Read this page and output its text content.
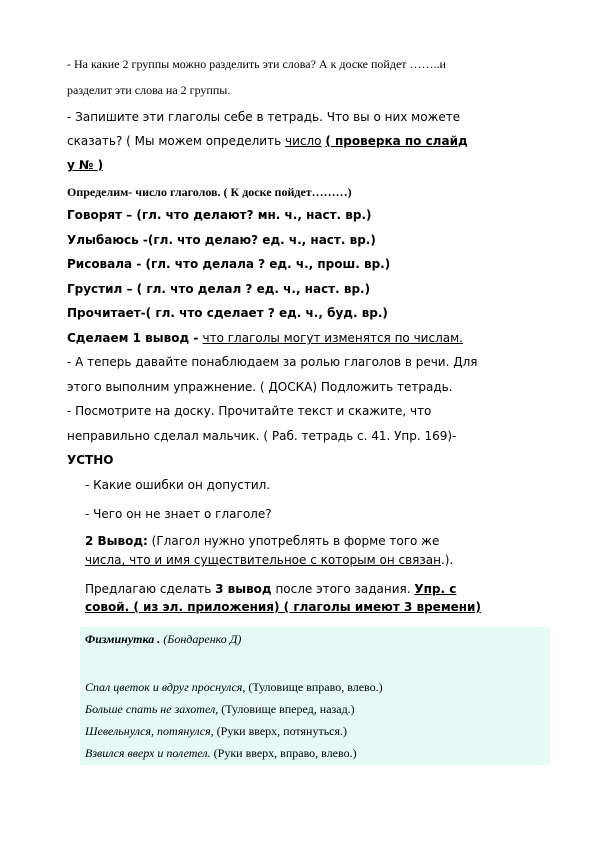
- На какие 2 группы можно разделить эти слова? А к доске пойдет ……..и
разделит эти слова на 2 группы.
- Запишите эти глаголы себе в тетрадь. Что вы о них можете
сказать? ( Мы можем определить число ( проверка по слайд
у № )
Определим- число глаголов. ( К доске пойдет………)
Говорят – (гл. что делают? мн. ч., наст. вр.)
Улыбаюсь -(гл. что делаю? ед. ч., наст. вр.)
Рисовала - (гл. что делала ? ед. ч., прош. вр.)
Грустил – ( гл. что делал ? ед. ч., наст. вр.)
Прочитает-( гл. что сделает ? ед. ч., буд. вр.)
Сделаем 1 вывод - что глаголы могут изменятся по числам.
- А теперь давайте понаблюдаем за ролью глаголов в речи. Для
этого выполним упражнение. ( ДОСКА) Подложить тетрадь.
- Посмотрите на доску. Прочитайте текст и скажите, что
неправильно сделал мальчик. ( Раб. тетрадь с. 41. Упр. 169)-
УСТНО
- Какие ошибки он допустил.
- Чего он не знает о глаголе?
2 Вывод: (Глагол нужно употреблять в форме того же
числа, что и имя существительное с которым он связан.).
Предлагаю сделать 3 вывод после этого задания. Упр. с
совой. ( из эл. приложения) ( глаголы имеют 3 времени)
Физминутка . (Бондаренко Д)
Спал цветок и вдруг проснулся, (Туловище вправо, влево.)
Больше спать не захотел, (Туловище вперед, назад.)
Шевельнулся, потянулся, (Руки вверх, потянуться.)
Взвился вверх и полетел. (Руки вверх, вправо, влево.)
